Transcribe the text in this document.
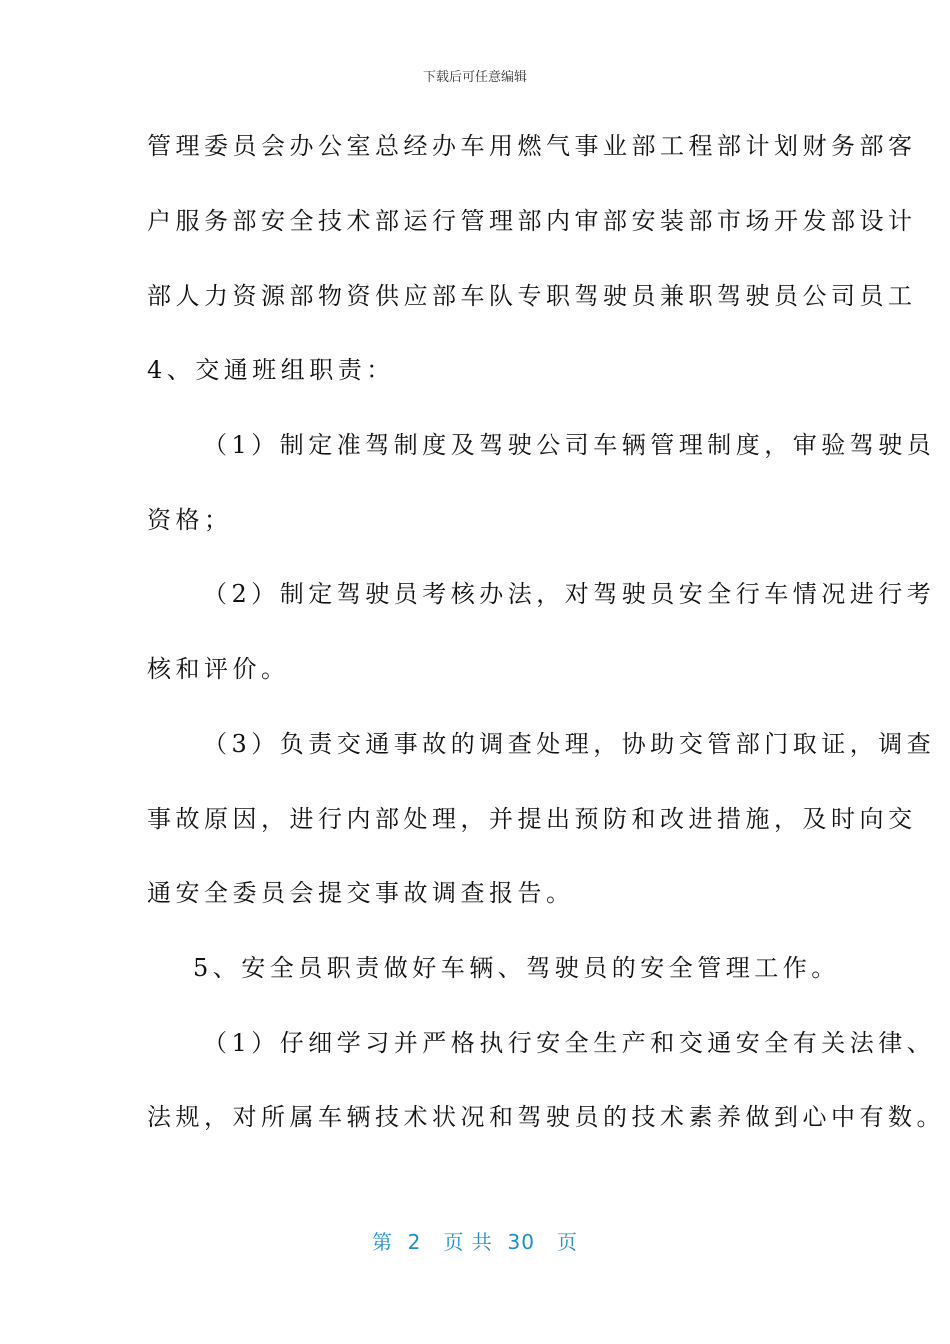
下载后可任意编辑
管理委员会办公室总经办车用燃气事业部工程部计划财务部客
户服务部安全技术部运行管理部内审部安装部市场开发部设计
部人力资源部物资供应部车队专职驾驶员兼职驾驶员公司员工
4、交通班组职责：
（1）制定准驾制度及驾驶公司车辆管理制度，审验驾驶员
资格；
（2）制定驾驶员考核办法，对驾驶员安全行车情况进行考
核和评价。
（3）负责交通事故的调查处理，协助交管部门取证，调查
事故原因，进行内部处理，并提出预防和改进措施，及时向交
通安全委员会提交事故调查报告。
5、安全员职责做好车辆、驾驶员的安全管理工作。
（1）仔细学习并严格执行安全生产和交通安全有关法律、
法规，对所属车辆技术状况和驾驶员的技术素养做到心中有数。
第  2   页 共  30   页
